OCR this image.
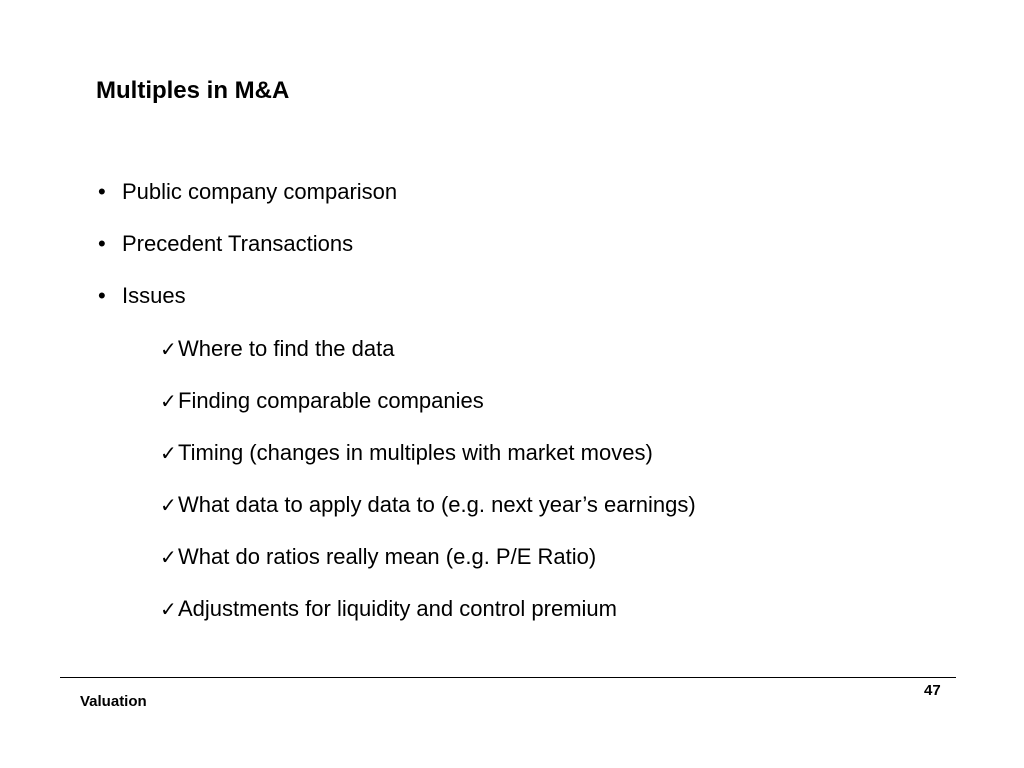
Multiples in M&A
• Public company comparison
• Precedent Transactions
• Issues
✓Where to find the data
✓Finding comparable companies
✓Timing (changes in multiples with market moves)
✓What data to apply data to (e.g. next year’s earnings)
✓What do ratios really mean (e.g. P/E Ratio)
✓Adjustments for liquidity and control premium
Valuation
47
